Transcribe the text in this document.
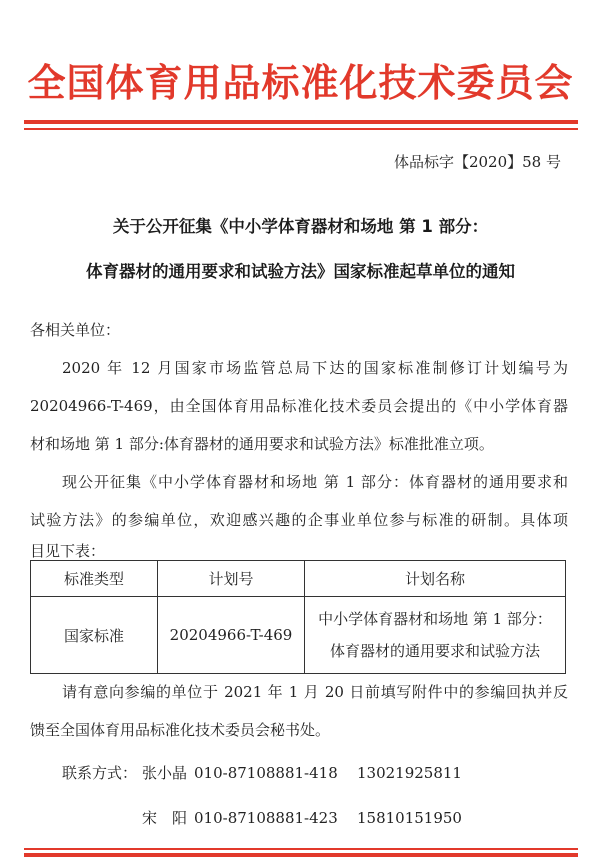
全国体育用品标准化技术委员会
体品标字【2020】58 号
关于公开征集《中小学体育器材和场地 第 1 部分：
体育器材的通用要求和试验方法》国家标准起草单位的通知
各相关单位：
2020 年 12 月国家市场监管总局下达的国家标准制修订计划编号为
20204966-T-469，由全国体育用品标准化技术委员会提出的《中小学体育器
材和场地 第 1 部分:体育器材的通用要求和试验方法》标准批准立项。
现公开征集《中小学体育器材和场地 第 1 部分：体育器材的通用要求和
试验方法》的参编单位，欢迎感兴趣的企事业单位参与标准的研制。具体项
目见下表：
标准类型	计划号	计划名称
国家标准	20204966-T-469	中小学体育器材和场地 第 1 部分：
体育器材的通用要求和试验方法
请有意向参编的单位于 2021 年 1 月 20 日前填写附件中的参编回执并反
馈至全国体育用品标准化技术委员会秘书处。
联系方式： 张小晶 010-87108881-418 13021925811
宋　阳 010-87108881-423 15810151950
